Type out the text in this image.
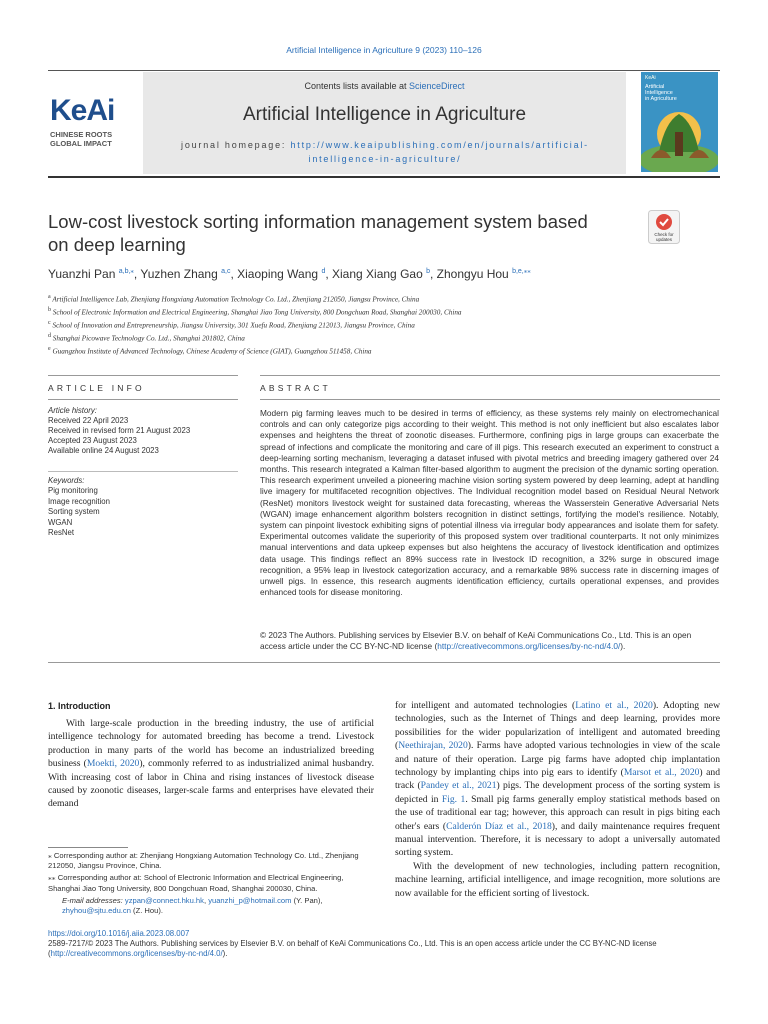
Artificial Intelligence in Agriculture 9 (2023) 110–126
KeAi
CHINESE ROOTS
GLOBAL IMPACT
Contents lists available at ScienceDirect
Artificial Intelligence in Agriculture
journal homepage: http://www.keaipublishing.com/en/journals/artificial-intelligence-in-agriculture/
KeAi
Artificial
Intelligence
in Agriculture
Low-cost livestock sorting information management system based on deep learning	Check for
updates
Yuanzhi Pan $^{a,b,⁎}$, Yuzhen Zhang $^{a,c}$, Xiaoping Wang $^d$, Xiang Xiang Gao $^b$, Zhongyu Hou $^{b,e,⁎⁎}$
$^a$ Artificial Intelligence Lab, Zhenjiang Hongxiang Automation Technology Co. Ltd., Zhenjiang 212050, Jiangsu Province, China
$^b$ School of Electronic Information and Electrical Engineering, Shanghai Jiao Tong University, 800 Dongchuan Road, Shanghai 200030, China
$^c$ School of Innovation and Entrepreneurship, Jiangsu University, 301 Xuefu Road, Zhenjiang 212013, Jiangsu Province, China
$^d$ Shanghai Picowave Technology Co. Ltd., Shanghai 201802, China
$^e$ Guangzhou Institute of Advanced Technology, Chinese Academy of Science (GIAT), Guangzhou 511458, China
ARTICLE INFO	ABSTRACT
Article history:
Received 22 April 2023
Received in revised form 21 August 2023
Accepted 23 August 2023
Available online 24 August 2023
Keywords:
Pig monitoring
Image recognition
Sorting system
WGAN
ResNet
Modern pig farming leaves much to be desired in terms of efficiency, as these systems rely mainly on electromechanical controls and can only categorize pigs according to their weight. This method is not only inefficient but also escalates labor expenses and heightens the threat of zoonotic diseases. Furthermore, confining pigs in large groups can exacerbate the spread of infections and complicate the monitoring and care of ill pigs. This research executed an experiment to construct a deep-learning sorting mechanism, leveraging a dataset infused with pivotal metrics and breeding imagery gathered over 24 months. This research integrated a Kalman filter-based algorithm to augment the precision of the dynamic sorting operation. This research experiment unveiled a pioneering machine vision sorting system powered by deep learning, adept at handling live imagery for multifaceted recognition objectives. The Individual recognition model based on Residual Neural Network (ResNet) monitors livestock weight for sustained data forecasting, whereas the Wasserstein Generative Adversarial Nets (WGAN) image enhancement algorithm bolsters recognition in distinct settings, fortifying the model's resilience. Notably, system can pinpoint livestock exhibiting signs of potential illness via irregular body appearances and isolate them for safety. Experimental outcomes validate the superiority of this proposed system over traditional counterparts. It not only minimizes manual interventions and data upkeep expenses but also heightens the accuracy of livestock identification and optimizes data usage. This findings reflect an 89% success rate in livestock ID recognition, a 32% surge in obscured image recognition, a 95% leap in livestock categorization accuracy, and a remarkable 98% success rate in discerning images of unwell pigs. In essence, this research augments identification efficiency, curtails operational expenses, and provides enhanced tools for disease monitoring.
© 2023 The Authors. Publishing services by Elsevier B.V. on behalf of KeAi Communications Co., Ltd. This is an open access article under the CC BY-NC-ND license (http://creativecommons.org/licenses/by-nc-nd/4.0/).
1. Introduction

With large-scale production in the breeding industry, the use of artificial intelligence technology for automated breeding has become a trend. Livestock production in many parts of the world has become an industrialized breeding business (Moekti, 2020), commonly referred to as industrialized animal husbandry. With increasing cost of labor in China and rising instances of livestock disease caused by zoonotic diseases, larger-scale farms and enterprises have elevated their demand

for intelligent and automated technologies (Latino et al., 2020). Adopting new technologies, such as the Internet of Things and deep learning, provides more possibilities for the wider popularization of intelligent and automated breeding (Neethirajan, 2020). Farms have adopted various technologies in view of the scale and nature of their operation. Large pig farms have adopted chip implantation technology by implanting chips into pig ears to identify (Marsot et al., 2020) and track (Pandey et al., 2021) pigs. The development process of the sorting system is depicted in Fig. 1. Small pig farms generally employ statistical methods based on the use of traditional ear tag; however, this approach can result in pigs biting each other's ears (Calderón Díaz et al., 2018), and daily maintenance requires frequent manual intervention. Therefore, it is necessary to adopt a universally automated sorting system.

With the development of new technologies, including pattern recognition, machine learning, artificial intelligence, and image recognition, more solutions are now available for the efficient sorting of livestock.

⁎ Corresponding author at: Zhenjiang Hongxiang Automation Technology Co. Ltd., Zhenjiang 212050, Jiangsu Province, China.
⁎⁎ Corresponding author at: School of Electronic Information and Electrical Engineering, Shanghai Jiao Tong University, 800 Dongchuan Road, Shanghai 200030, China.
E-mail addresses: yzpan@connect.hku.hk, yuanzhi_p@hotmail.com (Y. Pan),
zhyhou@sjtu.edu.cn (Z. Hou).
https://doi.org/10.1016/j.aiia.2023.08.007
2589-7217/© 2023 The Authors. Publishing services by Elsevier B.V. on behalf of KeAi Communications Co., Ltd. This is an open access article under the CC BY-NC-ND license (http://creativecommons.org/licenses/by-nc-nd/4.0/).
